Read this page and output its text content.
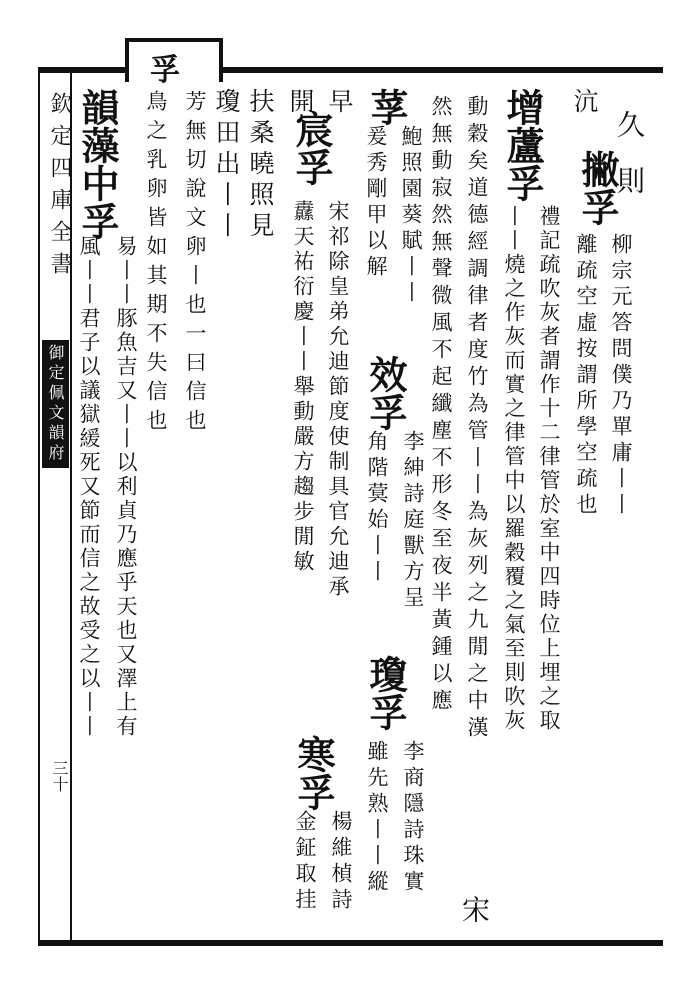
孚
欽定四庫全書
御定佩文韻府
三十
久則
沆
撇孚
柳宗元答問僕乃單庸丨丨
離疏空虛按謂所學空疏也
增蘆孚
禮記疏吹灰者謂作十二律管於室中四時位上埋之取
丨丨燒之作灰而實之律管中以羅穀覆之氣至則吹灰
動穀矣道德經調律者度竹為管丨丨為灰列之九閒之中漢
然無動寂然無聲微風不起纖塵不形冬至夜半黃鍾以應
宋
莩
鮑照園葵賦丨丨
爰秀剛甲以解
效孚
李紳詩庭獸方呈
角階蓂始丨丨
早
開
宸孚
宋祁除皇弟允迪節度使制具官允迪承
纛天祐衍慶丨丨舉動嚴方趨步閒敏
瓊孚
李商隱詩珠實
雖先熟丨丨縱
寒孚
楊維楨詩
金鉦取挂
扶桑曉照見
瓊田出丨丨
芳無切說文卵丨也一曰信也
鳥之乳卵皆如其期不失信也
韻藻中孚
易丨丨豚魚吉又丨丨以利貞乃應乎天也又澤上有
風丨丨君子以議獄緩死又節而信之故受之以丨丨
